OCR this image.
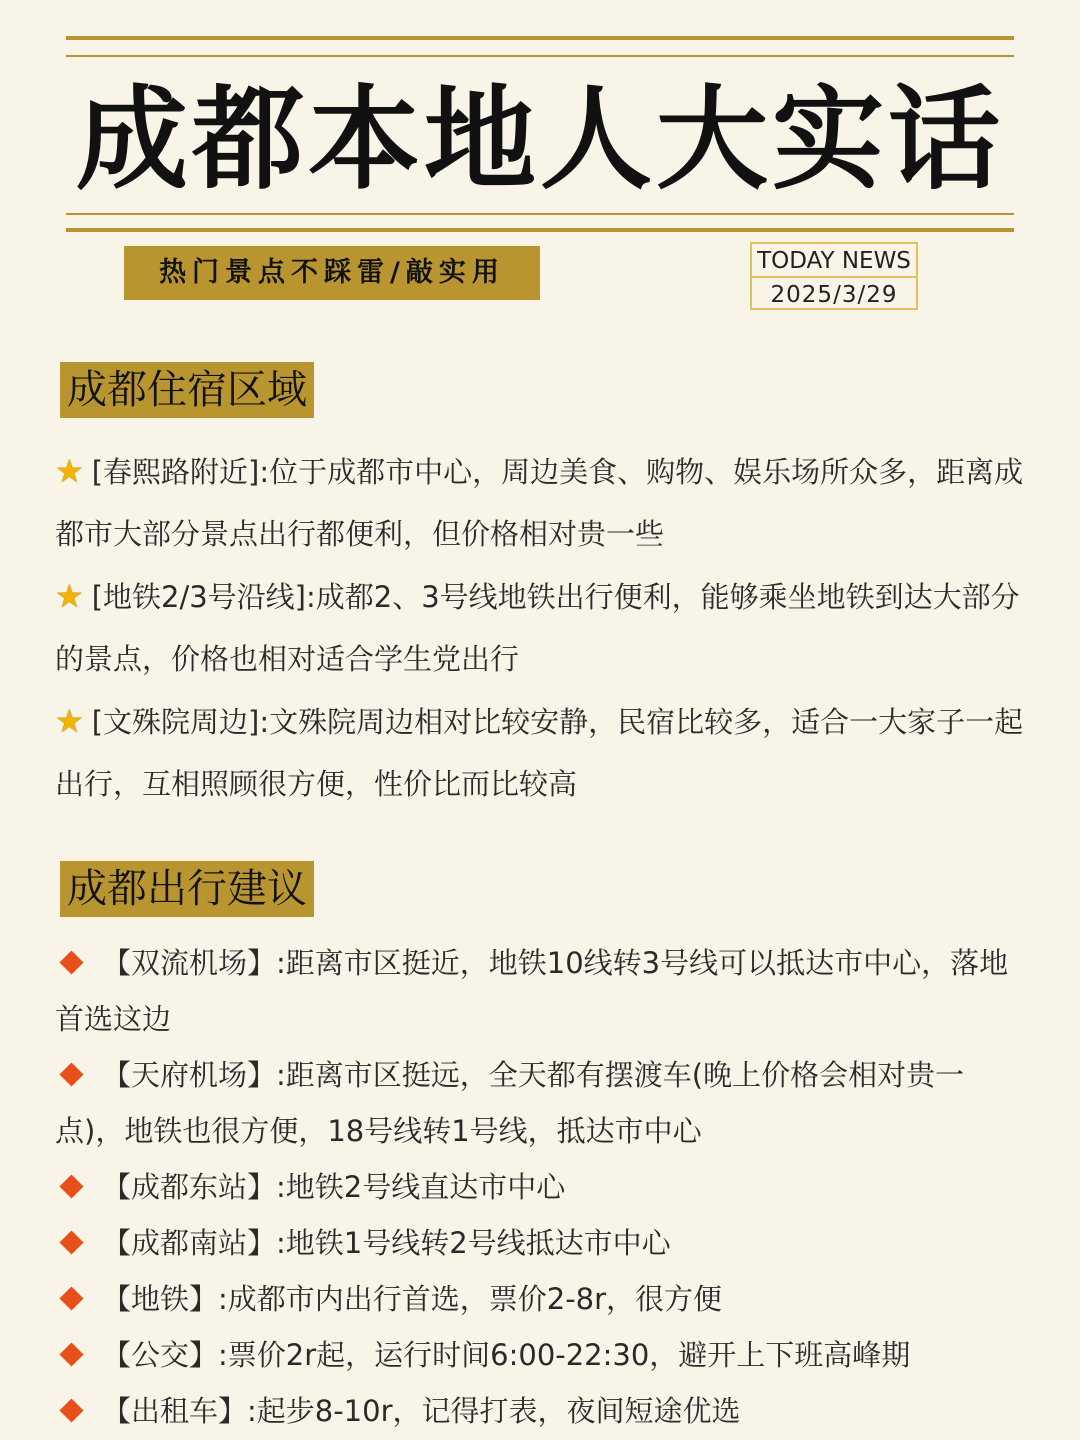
成都本地人大实话
热门景点不踩雷/敲实用	TODAY NEWS
2025/3/29
成都住宿区域
★ [春熙路附近]:位于成都市中心，周边美食、购物、娱乐场所众多，距离成都市大部分景点出行都便利，但价格相对贵一些
★ [地铁2/3号沿线]:成都2、3号线地铁出行便利，能够乘坐地铁到达大部分的景点，价格也相对适合学生党出行
★ [文殊院周边]:文殊院周边相对比较安静，民宿比较多，适合一大家子一起出行，互相照顾很方便，性价比而比较高
成都出行建议
【双流机场】:距离市区挺近，地铁10线转3号线可以抵达市中心，落地首选这边
【天府机场】:距离市区挺远，全天都有摆渡车(晚上价格会相对贵一点)，地铁也很方便，18号线转1号线，抵达市中心
【成都东站】:地铁2号线直达市中心
【成都南站】:地铁1号线转2号线抵达市中心
【地铁】:成都市内出行首选，票价2-8r，很方便
【公交】:票价2r起，运行时间6:00-22:30，避开上下班高峰期
【出租车】:起步8-10r，记得打表，夜间短途优选
